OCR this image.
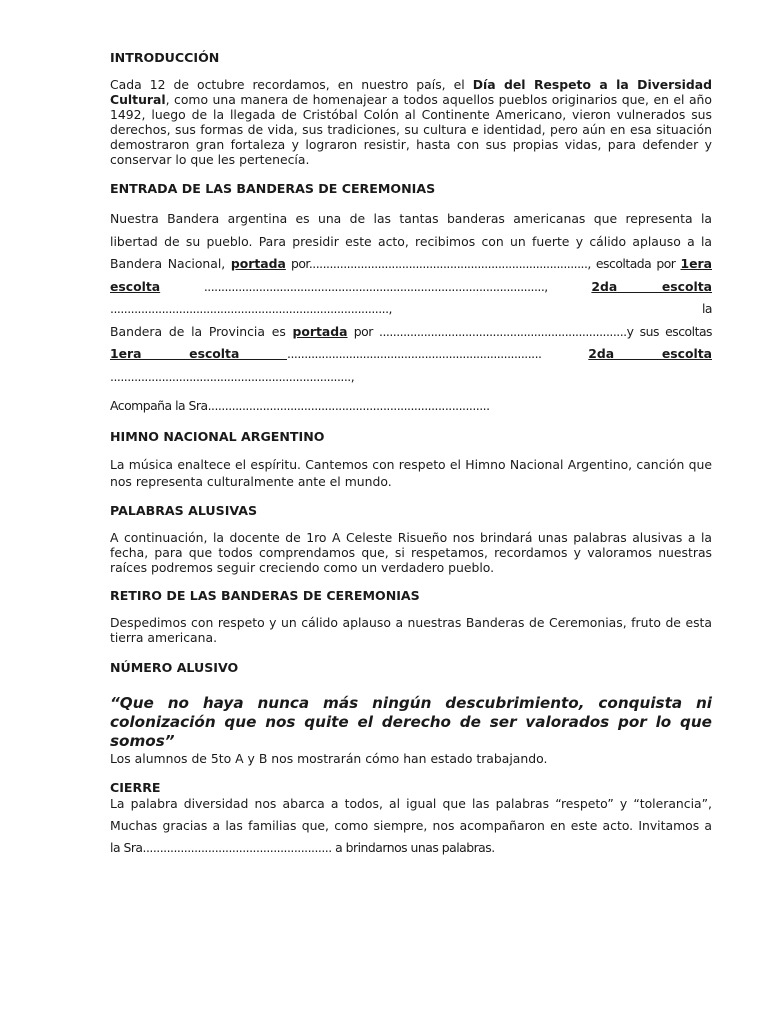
INTRODUCCIÓN

Cada 12 de octubre recordamos, en nuestro país, el Día del Respeto a la Diversidad Cultural, como una manera de homenajear a todos aquellos pueblos originarios que, en el año 1492, luego de la llegada de Cristóbal Colón al Continente Americano, vieron vulnerados sus derechos, sus formas de vida, sus tradiciones, su cultura e identidad, pero aún en esa situación demostraron gran fortaleza y lograron resistir, hasta con sus propias vidas, para defender y conservar lo que les pertenecía.

ENTRADA DE LAS BANDERAS DE CEREMONIAS
Nuestra Bandera argentina es una de las tantas banderas americanas que representa la
libertad de su pueblo. Para presidir este acto, recibimos con un fuerte y cálido aplauso a la
Bandera Nacional, portada por................................................................................., escoltada por 1era
escolta ..................................................................................................., 2da escolta ................................................................................., la
Bandera de la Provincia es portada por ........................................................................y sus escoltas
1era escolta .......................................................................... 2da escolta ......................................................................,

Acompaña la Sra..................................................................................

HIMNO NACIONAL ARGENTINO

La música enaltece el espíritu. Cantemos con respeto el Himno Nacional Argentino, canción que nos representa culturalmente ante el mundo.

PALABRAS ALUSIVAS

A continuación, la docente de 1ro A Celeste Risueño nos brindará unas palabras alusivas a la fecha, para que todos comprendamos que, si respetamos, recordamos y valoramos nuestras raíces podremos seguir creciendo como un verdadero pueblo.

RETIRO DE LAS BANDERAS DE CEREMONIAS

Despedimos con respeto y un cálido aplauso a nuestras Banderas de Ceremonias, fruto de esta tierra americana.

NÚMERO ALUSIVO

“Que no haya nunca más ningún descubrimiento, conquista ni colonización que nos quite el derecho de ser valorados por lo que somos”

Los alumnos de 5to A y B nos mostrarán cómo han estado trabajando.

CIERRE
La palabra diversidad nos abarca a todos, al igual que las palabras “respeto” y “tolerancia”,
Muchas gracias a las familias que, como siempre, nos acompañaron en este acto. Invitamos a
la Sra....................................................... a brindarnos unas palabras.
